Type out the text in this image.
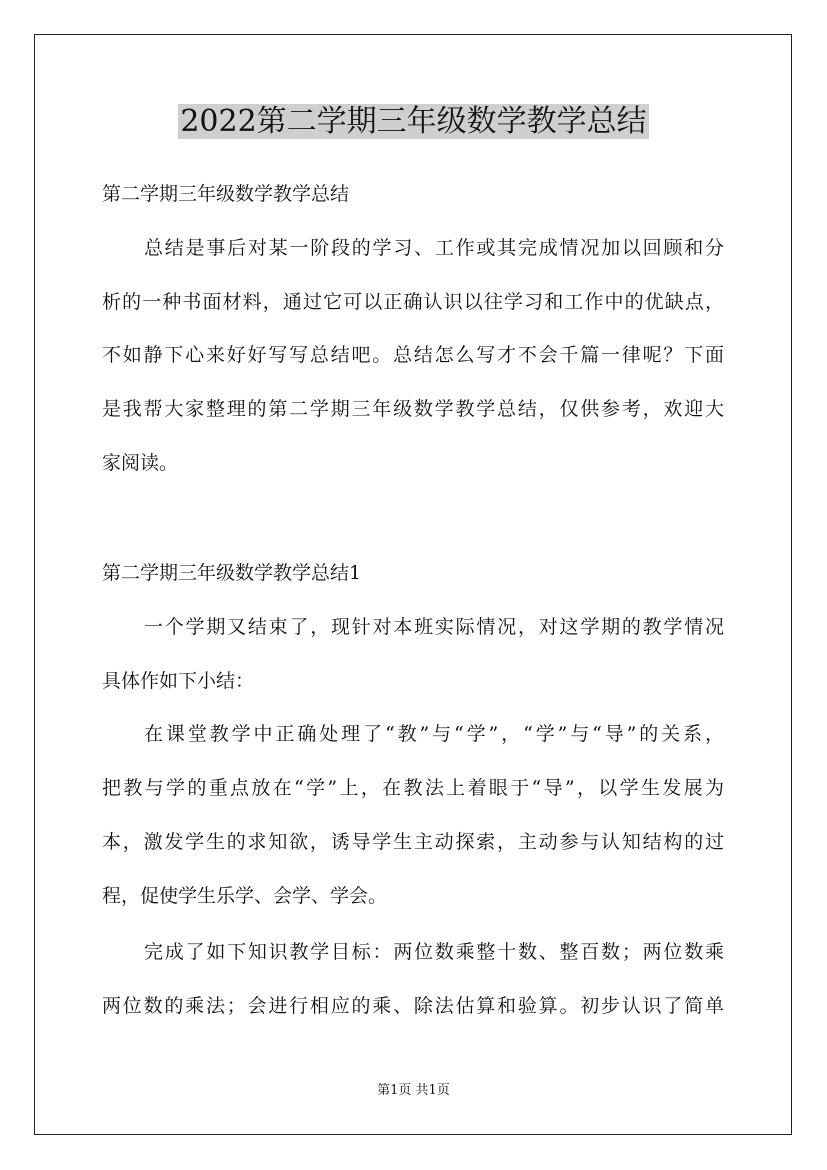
2022第二学期三年级数学教学总结
第二学期三年级数学教学总结
总结是事后对某一阶段的学习、工作或其完成情况加以回顾和分
析的一种书面材料，通过它可以正确认识以往学习和工作中的优缺点，
不如静下心来好好写写总结吧。总结怎么写才不会千篇一律呢？下面
是我帮大家整理的第二学期三年级数学教学总结，仅供参考，欢迎大
家阅读。
第二学期三年级数学教学总结1
一个学期又结束了，现针对本班实际情况，对这学期的教学情况
具体作如下小结：
在课堂教学中正确处理了“教”与“学”，“学”与“导”的关系，
把教与学的重点放在“学”上，在教法上着眼于“导”，以学生发展为
本，激发学生的求知欲，诱导学生主动探索，主动参与认知结构的过
程，促使学生乐学、会学、学会。
完成了如下知识教学目标：两位数乘整十数、整百数；两位数乘
两位数的乘法；会进行相应的乘、除法估算和验算。初步认识了简单
第1页 共1页
